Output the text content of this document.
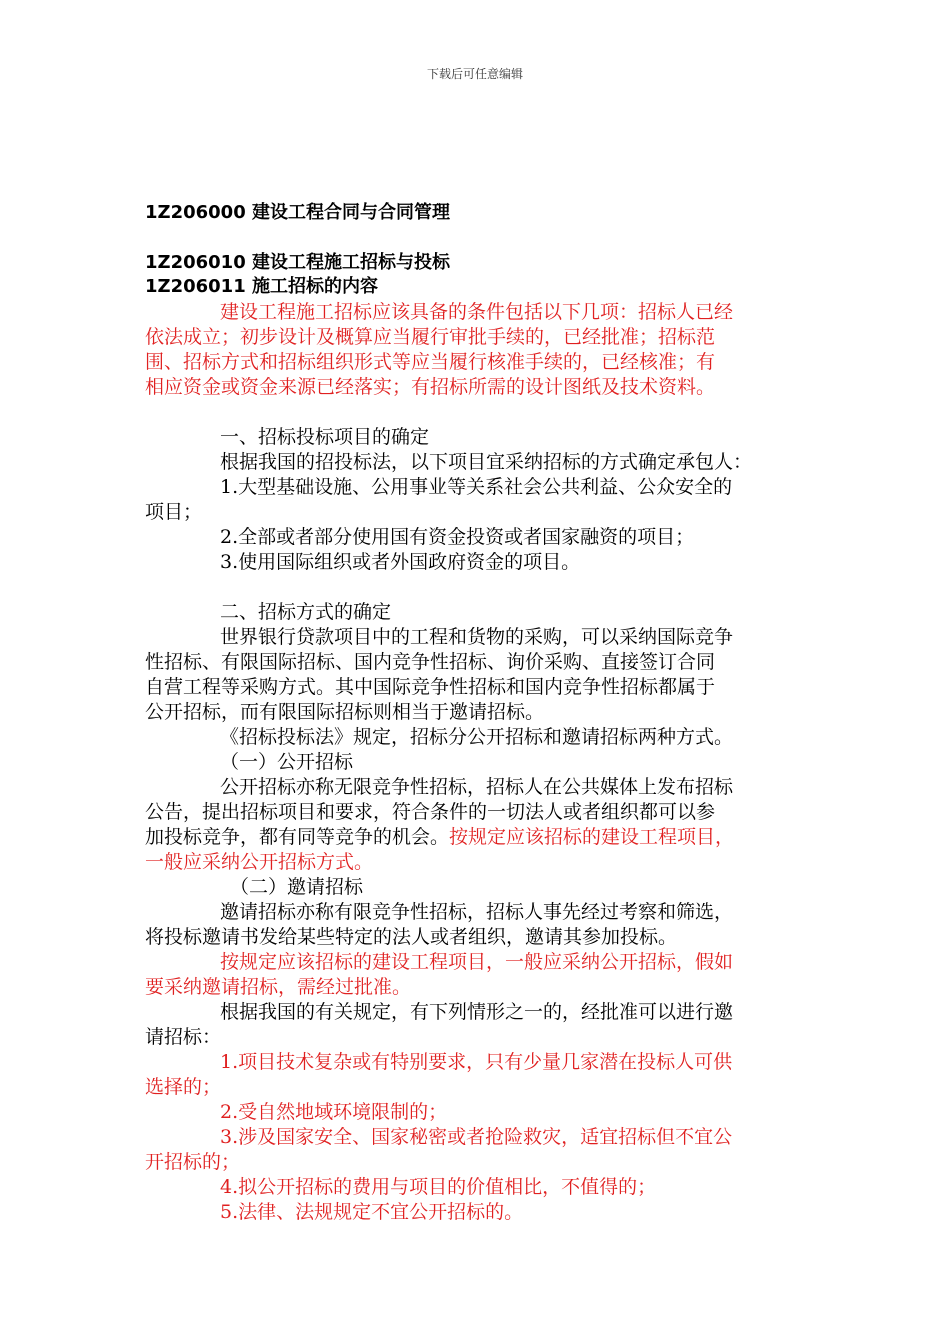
下载后可任意编辑
1Z206000 建设工程合同与合同管理
1Z206010 建设工程施工招标与投标
1Z206011 施工招标的内容
建设工程施工招标应该具备的条件包括以下几项：招标人已经
依法成立；初步设计及概算应当履行审批手续的，已经批准；招标范
围、招标方式和招标组织形式等应当履行核准手续的，已经核准；有
相应资金或资金来源已经落实；有招标所需的设计图纸及技术资料。
一、招标投标项目的确定
根据我国的招投标法，以下项目宜采纳招标的方式确定承包人：
1.大型基础设施、公用事业等关系社会公共利益、公众安全的
项目；
2.全部或者部分使用国有资金投资或者国家融资的项目；
3.使用国际组织或者外国政府资金的项目。
二、招标方式的确定
世界银行贷款项目中的工程和货物的采购，可以采纳国际竞争
性招标、有限国际招标、国内竞争性招标、询价采购、直接签订合同
自营工程等采购方式。其中国际竞争性招标和国内竞争性招标都属于
公开招标，而有限国际招标则相当于邀请招标。
《招标投标法》规定，招标分公开招标和邀请招标两种方式。
（一）公开招标
公开招标亦称无限竞争性招标，招标人在公共媒体上发布招标
公告，提出招标项目和要求，符合条件的一切法人或者组织都可以参
加投标竞争，都有同等竞争的机会。按规定应该招标的建设工程项目，
一般应采纳公开招标方式。
（二）邀请招标
邀请招标亦称有限竞争性招标，招标人事先经过考察和筛选，
将投标邀请书发给某些特定的法人或者组织，邀请其参加投标。
按规定应该招标的建设工程项目，一般应采纳公开招标，假如
要采纳邀请招标，需经过批准。
根据我国的有关规定，有下列情形之一的，经批准可以进行邀
请招标：
1.项目技术复杂或有特别要求，只有少量几家潜在投标人可供
选择的；
2.受自然地域环境限制的；
3.涉及国家安全、国家秘密或者抢险救灾，适宜招标但不宜公
开招标的；
4.拟公开招标的费用与项目的价值相比，不值得的；
5.法律、法规规定不宜公开招标的。
